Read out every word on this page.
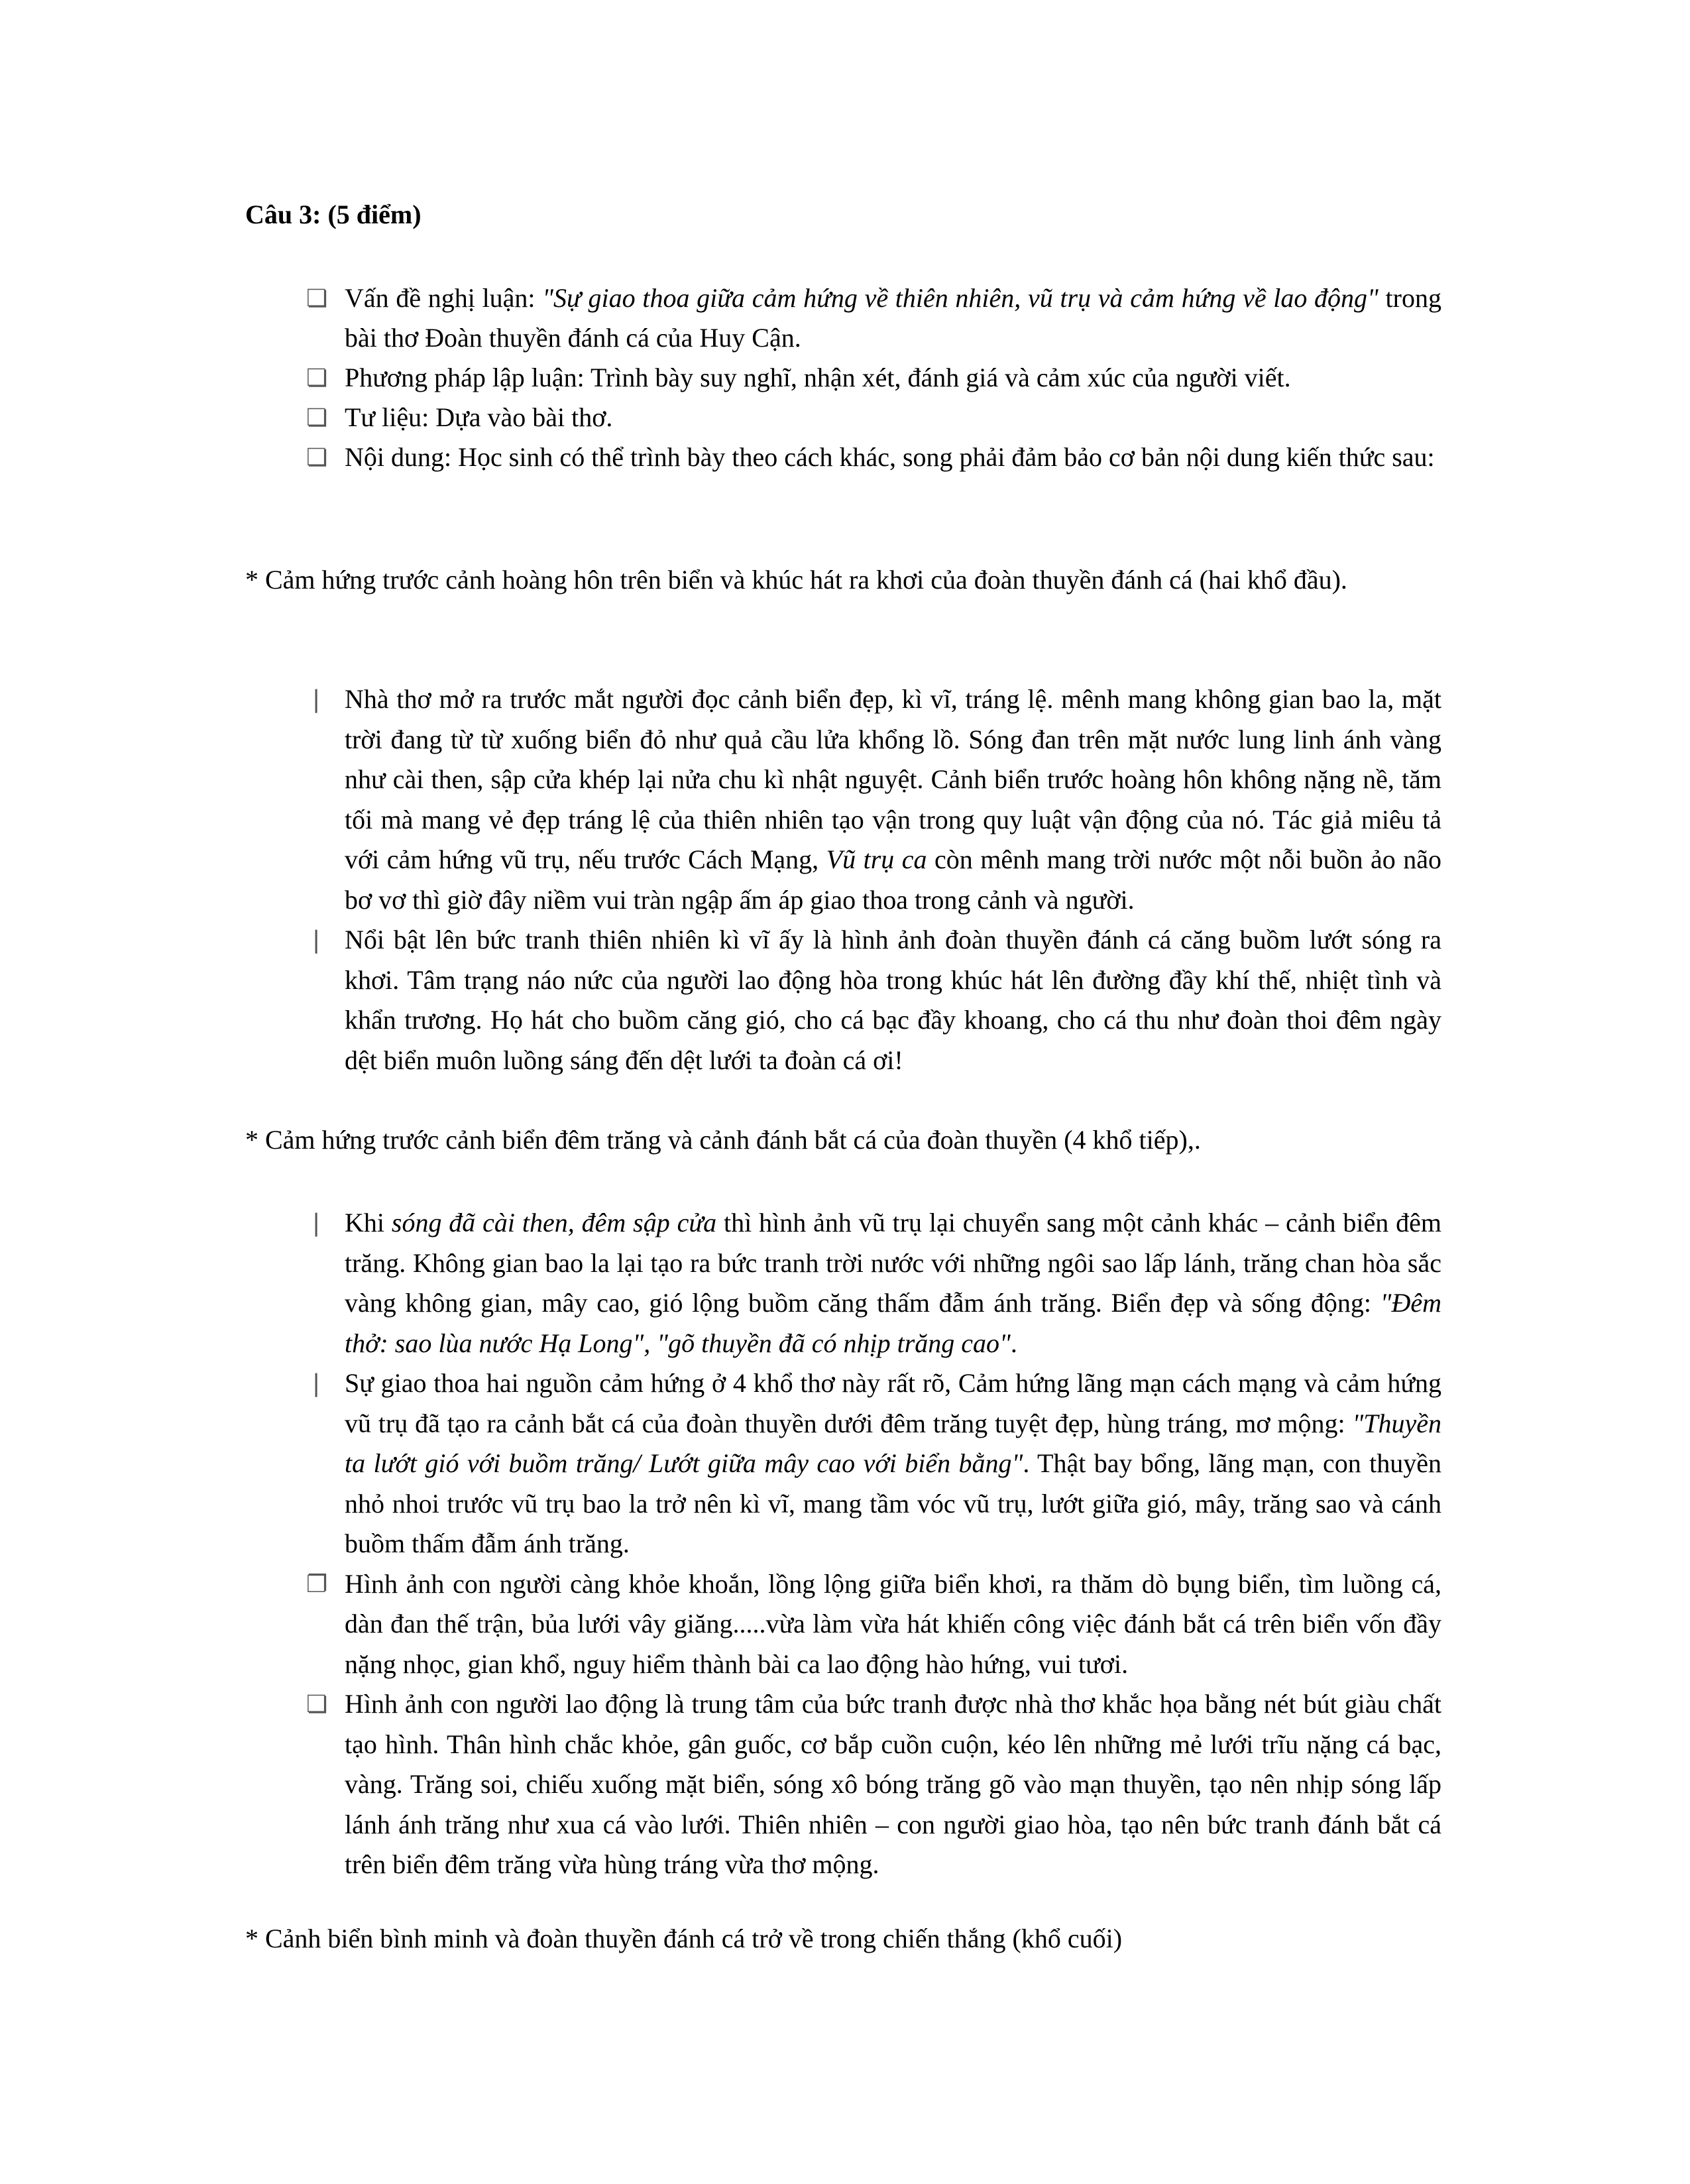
Câu 3: (5 điểm)
❏ Vấn đề nghị luận: "Sự giao thoa giữa cảm hứng về thiên nhiên, vũ trụ và cảm hứng về lao động" trong bài thơ Đoàn thuyền đánh cá của Huy Cận.
❏ Phương pháp lập luận: Trình bày suy nghĩ, nhận xét, đánh giá và cảm xúc của người viết.
❏ Tư liệu: Dựa vào bài thơ.
❏ Nội dung: Học sinh có thể trình bày theo cách khác, song phải đảm bảo cơ bản nội dung kiến thức sau:
* Cảm hứng trước cảnh hoàng hôn trên biển và khúc hát ra khơi của đoàn thuyền đánh cá (hai khổ đầu).
❘ Nhà thơ mở ra trước mắt người đọc cảnh biển đẹp, kì vĩ, tráng lệ. mênh mang không gian bao la, mặt trời đang từ từ xuống biển đỏ như quả cầu lửa khổng lồ. Sóng đan trên mặt nước lung linh ánh vàng như cài then, sập cửa khép lại nửa chu kì nhật nguyệt. Cảnh biển trước hoàng hôn không nặng nề, tăm tối mà mang vẻ đẹp tráng lệ của thiên nhiên tạo vận trong quy luật vận động của nó. Tác giả miêu tả với cảm hứng vũ trụ, nếu trước Cách Mạng, Vũ trụ ca còn mênh mang trời nước một nỗi buồn ảo não bơ vơ thì giờ đây niềm vui tràn ngập ấm áp giao thoa trong cảnh và người.
❘ Nổi bật lên bức tranh thiên nhiên kì vĩ ấy là hình ảnh đoàn thuyền đánh cá căng buồm lướt sóng ra khơi. Tâm trạng náo nức của người lao động hòa trong khúc hát lên đường đầy khí thế, nhiệt tình và khẩn trương. Họ hát cho buồm căng gió, cho cá bạc đầy khoang, cho cá thu như đoàn thoi đêm ngày dệt biển muôn luồng sáng đến dệt lưới ta đoàn cá ơi!
* Cảm hứng trước cảnh biển đêm trăng và cảnh đánh bắt cá của đoàn thuyền (4 khổ tiếp),.
❘ Khi sóng đã cài then, đêm sập cửa thì hình ảnh vũ trụ lại chuyển sang một cảnh khác – cảnh biển đêm trăng. Không gian bao la lại tạo ra bức tranh trời nước với những ngôi sao lấp lánh, trăng chan hòa sắc vàng không gian, mây cao, gió lộng buồm căng thấm đẫm ánh trăng. Biển đẹp và sống động: "Đêm thở: sao lùa nước Hạ Long", "gõ thuyền đã có nhịp trăng cao".
❘ Sự giao thoa hai nguồn cảm hứng ở 4 khổ thơ này rất rõ, Cảm hứng lãng mạn cách mạng và cảm hứng vũ trụ đã tạo ra cảnh bắt cá của đoàn thuyền dưới đêm trăng tuyệt đẹp, hùng tráng, mơ mộng: "Thuyền ta lướt gió với buồm trăng/ Lướt giữa mây cao với biển bằng". Thật bay bổng, lãng mạn, con thuyền nhỏ nhoi trước vũ trụ bao la trở nên kì vĩ, mang tầm vóc vũ trụ, lướt giữa gió, mây, trăng sao và cánh buồm thấm đẫm ánh trăng.
❐ Hình ảnh con người càng khỏe khoắn, lồng lộng giữa biển khơi, ra thăm dò bụng biển, tìm luồng cá, dàn đan thế trận, bủa lưới vây giăng.....vừa làm vừa hát khiến công việc đánh bắt cá trên biển vốn đầy nặng nhọc, gian khổ, nguy hiểm thành bài ca lao động hào hứng, vui tươi.
❏ Hình ảnh con người lao động là trung tâm của bức tranh được nhà thơ khắc họa bằng nét bút giàu chất tạo hình. Thân hình chắc khỏe, gân guốc, cơ bắp cuồn cuộn, kéo lên những mẻ lưới trĩu nặng cá bạc, vàng. Trăng soi, chiếu xuống mặt biển, sóng xô bóng trăng gõ vào mạn thuyền, tạo nên nhịp sóng lấp lánh ánh trăng như xua cá vào lưới. Thiên nhiên – con người giao hòa, tạo nên bức tranh đánh bắt cá trên biển đêm trăng vừa hùng tráng vừa thơ mộng.
* Cảnh biển bình minh và đoàn thuyền đánh cá trở về trong chiến thắng (khổ cuối)
